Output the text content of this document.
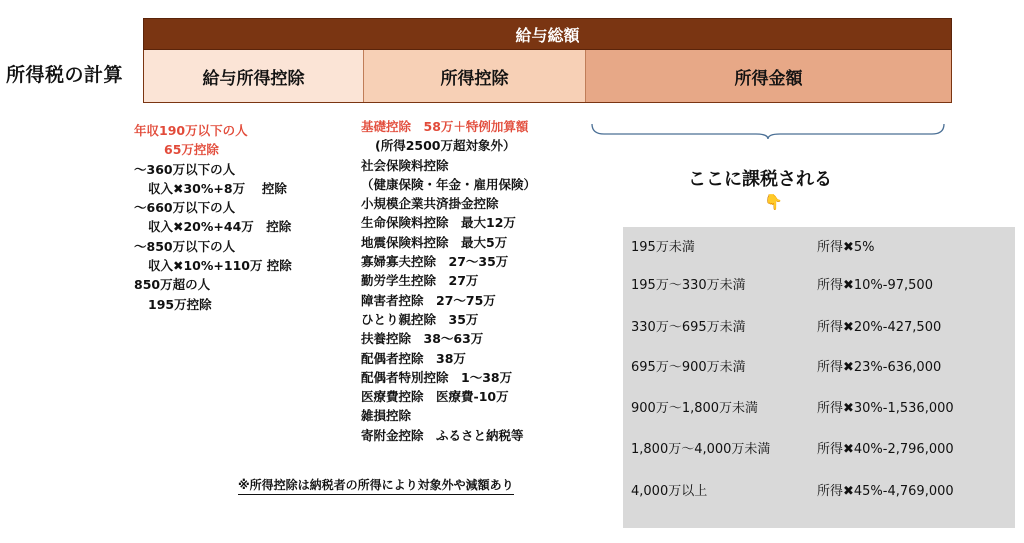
所得税の計算
給与総額
給与所得控除	所得控除	所得金額
年収190万以下の人
65万控除
〜360万以下の人
収入✖30%+8万　 控除
〜660万以下の人
収入✖20%+44万　控除
〜850万以下の人
収入✖10%+110万 控除
850万超の人
195万控除
基礎控除　58万＋特例加算額
(所得2500万超対象外）
社会保険料控除
（健康保険・年金・雇用保険）
小規模企業共済掛金控除
生命保険料控除　最大12万
地震保険料控除　最大5万
寡婦寡夫控除　27〜35万
勤労学生控除　27万
障害者控除　27〜75万
ひとり親控除　35万
扶養控除　38〜63万
配偶者控除　38万
配偶者特別控除　1〜38万
医療費控除　医療費-10万
雑損控除
寄附金控除　ふるさと納税等
ここに課税される
👇
195万未満	所得✖5%
195万〜330万未満	所得✖10%-97,500
330万〜695万未満	所得✖20%-427,500
695万〜900万未満	所得✖23%-636,000
900万〜1,800万未満	所得✖30%-1,536,000
1,800万〜4,000万未満	所得✖40%-2,796,000
4,000万以上	所得✖45%-4,769,000
※所得控除は納税者の所得により対象外や減額あり
